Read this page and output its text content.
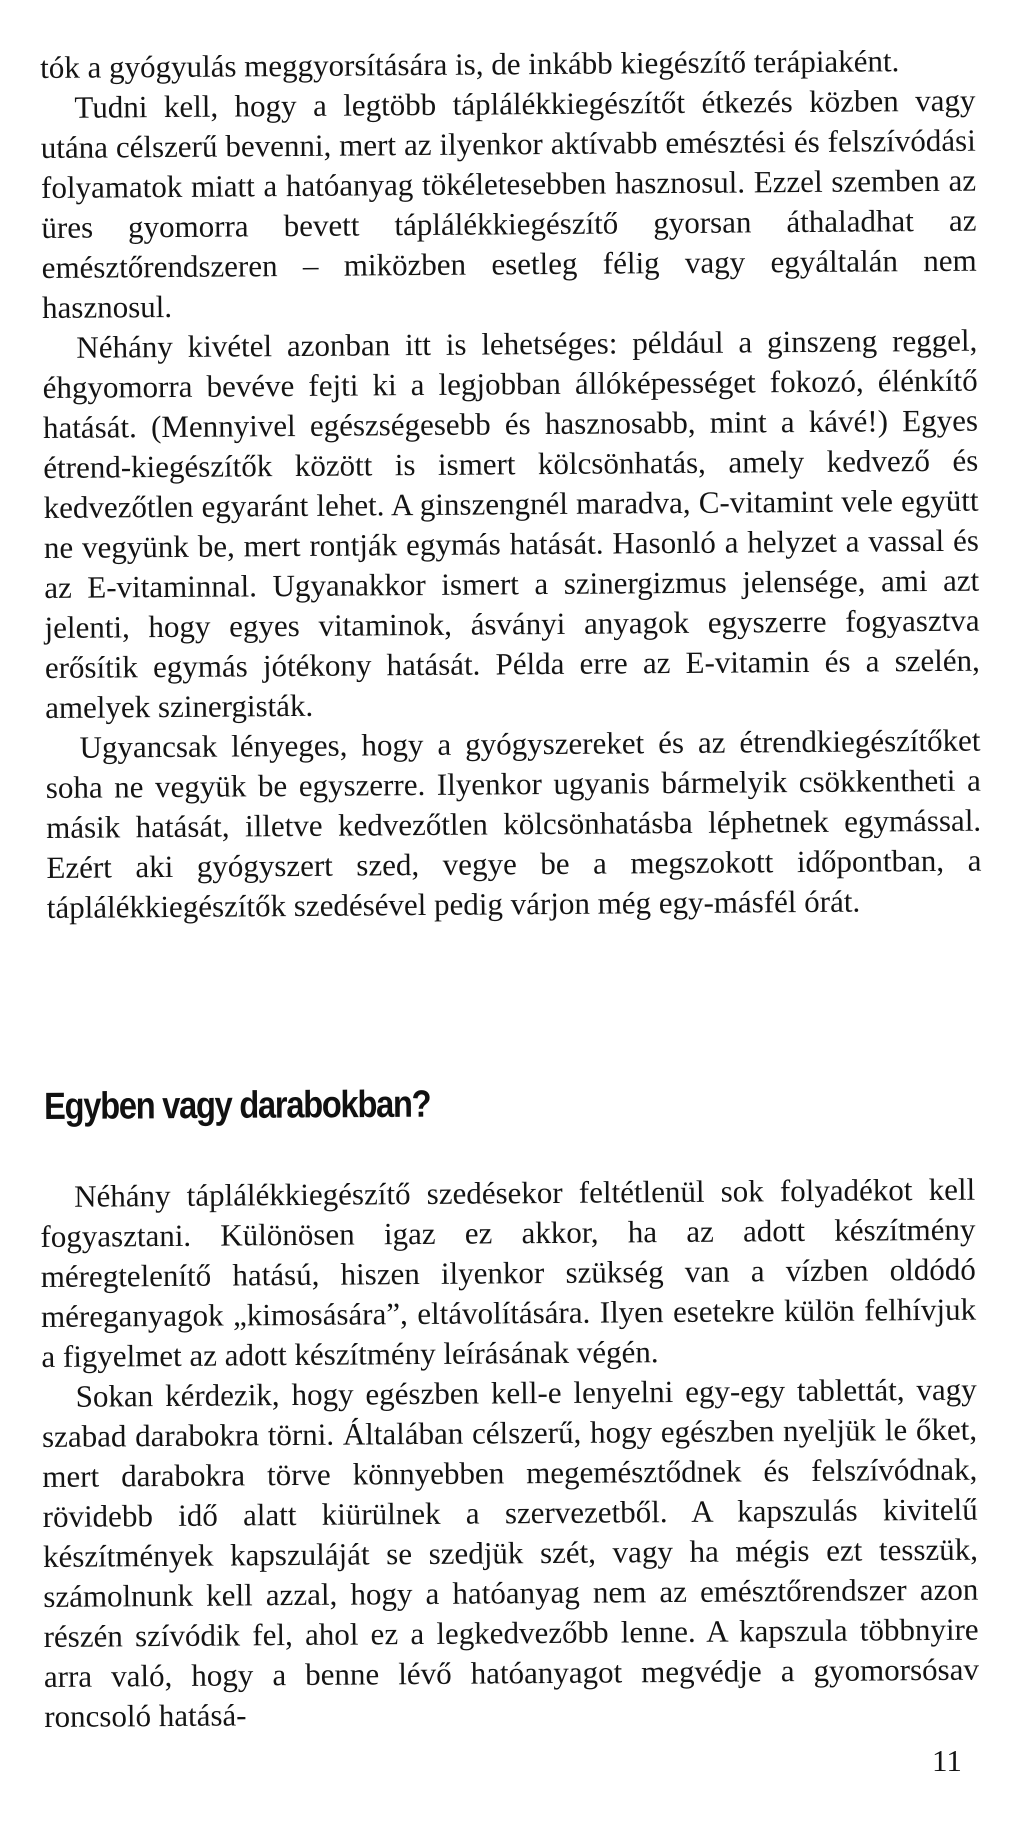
tók a gyógyulás meggyorsítására is, de inkább kiegészítő terápiaként.

Tudni kell, hogy a legtöbb táplálékkiegészítőt étkezés közben vagy utána célszerű bevenni, mert az ilyenkor aktívabb emésztési és felszívódási folyamatok miatt a hatóanyag tökéletesebben hasznosul. Ezzel szemben az üres gyomorra bevett táplálékkiegészítő gyorsan áthaladhat az emésztőrendszeren – miközben esetleg félig vagy egyáltalán nem hasznosul.

Néhány kivétel azonban itt is lehetséges: például a ginszeng reggel, éhgyomorra bevéve fejti ki a legjobban állóképességet fokozó, élénkítő hatását. (Mennyivel egészségesebb és hasznosabb, mint a kávé!) Egyes étrend-kiegészítők között is ismert kölcsönhatás, amely kedvező és kedvezőtlen egyaránt lehet. A ginszengnél maradva, C-vitamint vele együtt ne vegyünk be, mert rontják egymás hatását. Hasonló a helyzet a vassal és az E-vitaminnal. Ugyanakkor ismert a szinergizmus jelensége, ami azt jelenti, hogy egyes vitaminok, ásványi anyagok egyszerre fogyasztva erősítik egymás jótékony hatását. Példa erre az E-vitamin és a szelén, amelyek szinergisták.

Ugyancsak lényeges, hogy a gyógyszereket és az étrendkiegészítőket soha ne vegyük be egyszerre. Ilyenkor ugyanis bármelyik csökkentheti a másik hatását, illetve kedvezőtlen kölcsönhatásba léphetnek egymással. Ezért aki gyógyszert szed, vegye be a megszokott időpontban, a táplálékkiegészítők szedésével pedig várjon még egy-másfél órát.

Egyben vagy darabokban?

Néhány táplálékkiegészítő szedésekor feltétlenül sok folyadékot kell fogyasztani. Különösen igaz ez akkor, ha az adott készítmény méregtelenítő hatású, hiszen ilyenkor szükség van a vízben oldódó méreganyagok „kimosására”, eltávolítására. Ilyen esetekre külön felhívjuk a figyelmet az adott készítmény leírásának végén.

Sokan kérdezik, hogy egészben kell-e lenyelni egy-egy tablettát, vagy szabad darabokra törni. Általában célszerű, hogy egészben nyeljük le őket, mert darabokra törve könnyebben megemésztődnek és felszívódnak, rövidebb idő alatt kiürülnek a szervezetből. A kapszulás kivitelű készítmények kapszuláját se szedjük szét, vagy ha mégis ezt tesszük, számolnunk kell azzal, hogy a hatóanyag nem az emésztőrendszer azon részén szívódik fel, ahol ez a legkedvezőbb lenne. A kapszula többnyire arra való, hogy a benne lévő hatóanyagot megvédje a gyomorsósav roncsoló hatásá-

11
